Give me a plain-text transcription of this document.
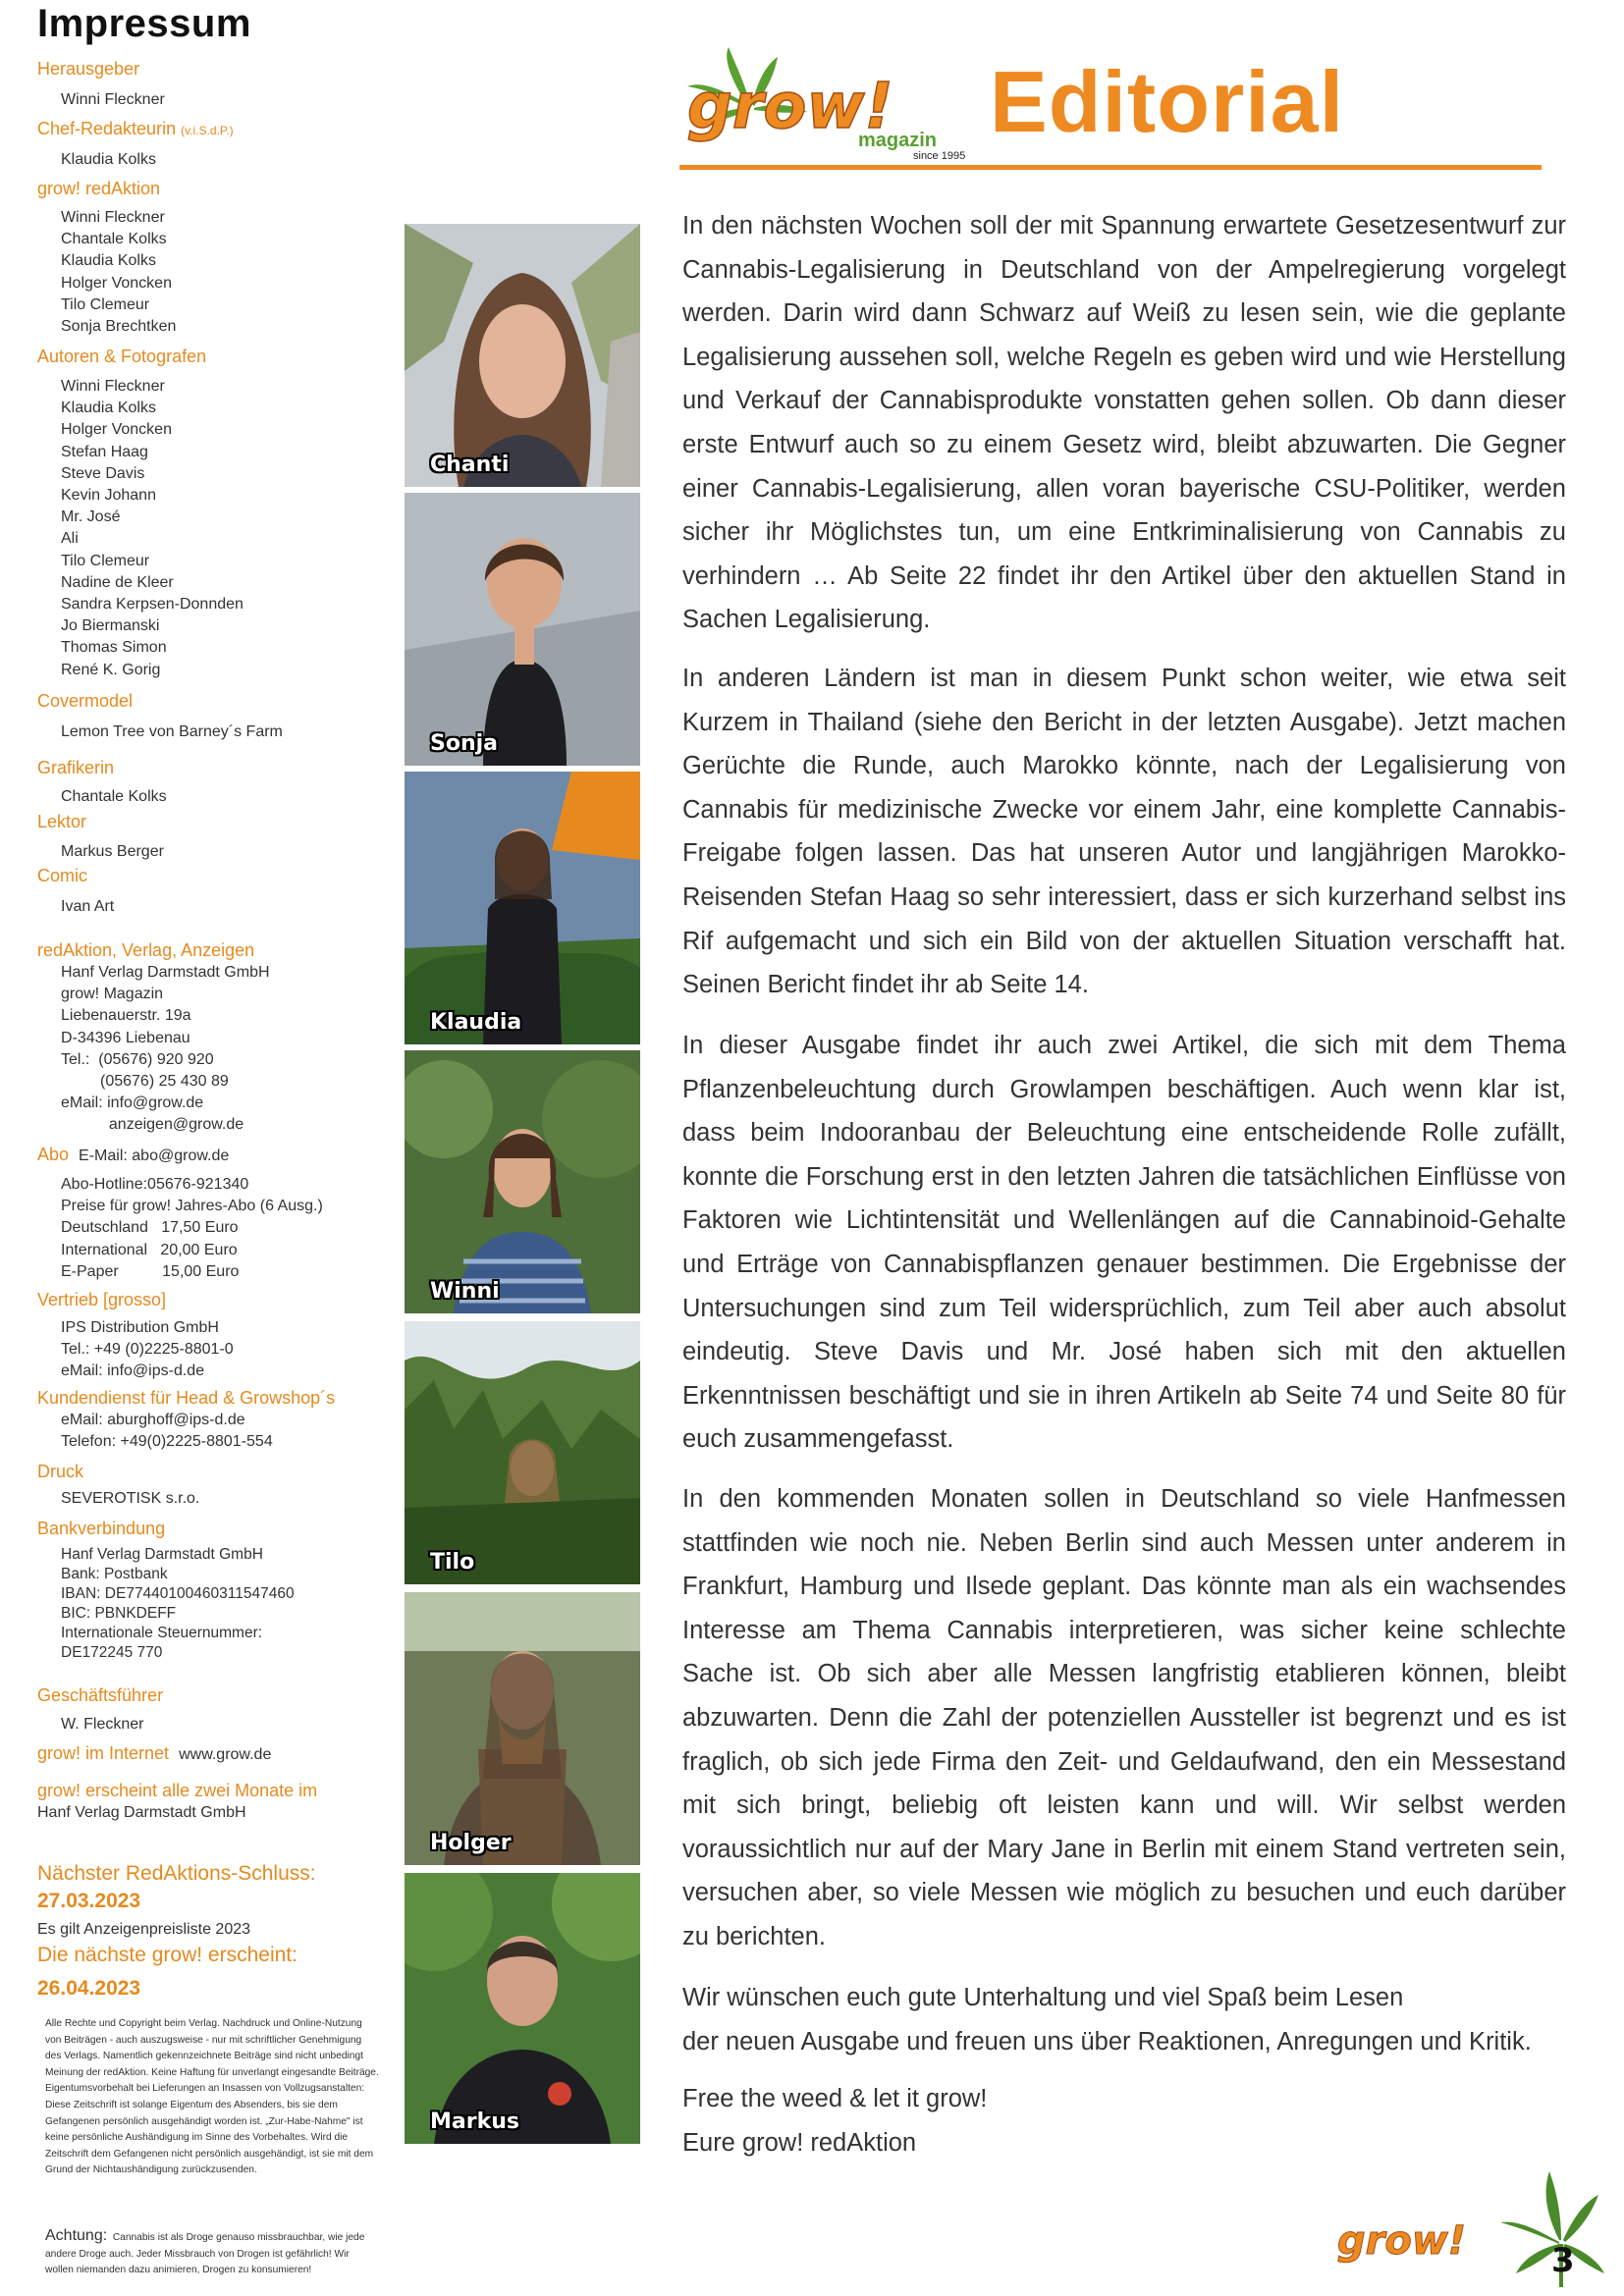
Impressum
Herausgeber
Winni Fleckner
Chef-Redakteurin (v.i.S.d.P.)
Klaudia Kolks
grow! redAktion
Winni Fleckner
Chantale Kolks
Klaudia Kolks
Holger Voncken
Tilo Clemeur
Sonja Brechtken
Autoren & Fotografen
Winni Fleckner
Klaudia Kolks
Holger Voncken
Stefan Haag
Steve Davis
Kevin Johann
Mr. José
Ali
Tilo Clemeur
Nadine de Kleer
Sandra Kerpsen-Donnden
Jo Biermanski
Thomas Simon
René K. Gorig
Covermodel
Lemon Tree von Barney´s Farm
Grafikerin
Chantale Kolks
Lektor
Markus Berger
Comic
Ivan Art
redAktion, Verlag, Anzeigen
Hanf Verlag Darmstadt GmbH
grow! Magazin
Liebenauerstr. 19a
D-34396 Liebenau
Tel.:  (05676) 920 920
(05676) 25 430 89
eMail: info@grow.de
anzeigen@grow.de
Abo E-Mail: abo@grow.de
Abo-Hotline:05676-921340
Preise für grow! Jahres-Abo (6 Ausg.)
Deutschland   17,50 Euro
International   20,00 Euro
E-Paper          15,00 Euro
Vertrieb [grosso]
IPS Distribution GmbH
Tel.: +49 (0)2225-8801-0
eMail: info@ips-d.de
Kundendienst für Head & Growshop´s
eMail: aburghoff@ips-d.de
Telefon: +49(0)2225-8801-554
Druck
SEVEROTISK s.r.o.
Bankverbindung
Hanf Verlag Darmstadt GmbH
Bank: Postbank
IBAN: DE77440100460311547460
BIC: PBNKDEFF
Internationale Steuernummer:
DE172245 770
Geschäftsführer
W. Fleckner
grow! im Internet www.grow.de
grow! erscheint alle zwei Monate im
Hanf Verlag Darmstadt GmbH
Nächster RedAktions-Schluss:
27.03.2023
Es gilt Anzeigenpreisliste 2023
Die nächste grow! erscheint:
26.04.2023
Alle Rechte und Copyright beim Verlag. Nachdruck und Online-Nutzung von Beiträgen - auch auszugsweise - nur mit schriftlicher Genehmigung des Verlags. Namentlich gekennzeichnete Beiträge sind nicht unbedingt Meinung der redAktion. Keine Haftung für unverlangt eingesandte Beiträge. Eigentumsvorbehalt bei Lieferungen an Insassen von Vollzugsanstalten: Diese Zeitschrift ist solange Eigentum des Absenders, bis sie dem Gefangenen persönlich ausgehändigt worden ist. „Zur-Habe-Nahme" ist keine persönliche Aushändigung im Sinne des Vorbehaltes. Wird die Zeitschrift dem Gefangenen nicht persönlich ausgehändigt, ist sie mit dem Grund der Nichtaushändigung zurückzusenden.
Achtung: Cannabis ist als Droge genauso missbrauchbar, wie jede andere Droge auch. Jeder Missbrauch von Drogen ist gefährlich! Wir wollen niemanden dazu animieren, Drogen zu konsumieren!
Chanti
Sonja
Klaudia
Winni
Tilo
Holger
Markus
grow!
magazin
since 1995
Editorial
In den nächsten Wochen soll der mit Spannung erwartete Gesetzesentwurf zur Cannabis-Legalisierung in Deutschland von der Ampelregierung vorgelegt werden. Darin wird dann Schwarz auf Weiß zu lesen sein, wie die geplante Legalisierung aussehen soll, welche Regeln es geben wird und wie Herstellung und Verkauf der Cannabisprodukte vonstatten gehen sollen. Ob dann dieser erste Entwurf auch so zu einem Gesetz wird, bleibt abzuwarten. Die Gegner einer Cannabis-Legalisierung, allen voran bayerische CSU-Politiker, werden sicher ihr Möglichstes tun, um eine Entkriminalisierung von Cannabis zu verhindern … Ab Seite 22 findet ihr den Artikel über den aktuellen Stand in Sachen Legalisierung.
In anderen Ländern ist man in diesem Punkt schon weiter, wie etwa seit Kurzem in Thailand (siehe den Bericht in der letzten Ausgabe). Jetzt machen Gerüchte die Runde, auch Marokko könnte, nach der Legalisierung von Cannabis für medizinische Zwecke vor einem Jahr, eine komplette Cannabis-Freigabe folgen lassen. Das hat unseren Autor und langjährigen Marokko-Reisenden Stefan Haag so sehr interessiert, dass er sich kurzerhand selbst ins Rif aufgemacht und sich ein Bild von der aktuellen Situation verschafft hat. Seinen Bericht findet ihr ab Seite 14.
In dieser Ausgabe findet ihr auch zwei Artikel, die sich mit dem Thema Pflanzenbeleuchtung durch Growlampen beschäftigen. Auch wenn klar ist, dass beim Indooranbau der Beleuchtung eine entscheidende Rolle zufällt, konnte die Forschung erst in den letzten Jahren die tatsächlichen Einflüsse von Faktoren wie Lichtintensität und Wellenlängen auf die Cannabinoid-Gehalte und Erträge von Cannabispflanzen genauer bestimmen. Die Ergebnisse der Untersuchungen sind zum Teil widersprüchlich, zum Teil aber auch absolut eindeutig. Steve Davis und Mr. José haben sich mit den aktuellen Erkenntnissen beschäftigt und sie in ihren Artikeln ab Seite 74 und Seite 80 für euch zusammengefasst.
In den kommenden Monaten sollen in Deutschland so viele Hanfmessen stattfinden wie noch nie. Neben Berlin sind auch Messen unter anderem in Frankfurt, Hamburg und Ilsede geplant. Das könnte man als ein wachsendes Interesse am Thema Cannabis interpretieren, was sicher keine schlechte Sache ist. Ob sich aber alle Messen langfristig etablieren können, bleibt abzuwarten. Denn die Zahl der potenziellen Aussteller ist begrenzt und es ist fraglich, ob sich jede Firma den Zeit- und Geldaufwand, den ein Messestand mit sich bringt, beliebig oft leisten kann und will. Wir selbst werden voraussichtlich nur auf der Mary Jane in Berlin mit einem Stand vertreten sein, versuchen aber, so viele Messen wie möglich zu besuchen und euch darüber zu berichten.
Wir wünschen euch gute Unterhaltung und viel Spaß beim Lesen
der neuen Ausgabe und freuen uns über Reaktionen, Anregungen und Kritik.
Free the weed & let it grow!
Eure grow! redAktion
grow!	3
